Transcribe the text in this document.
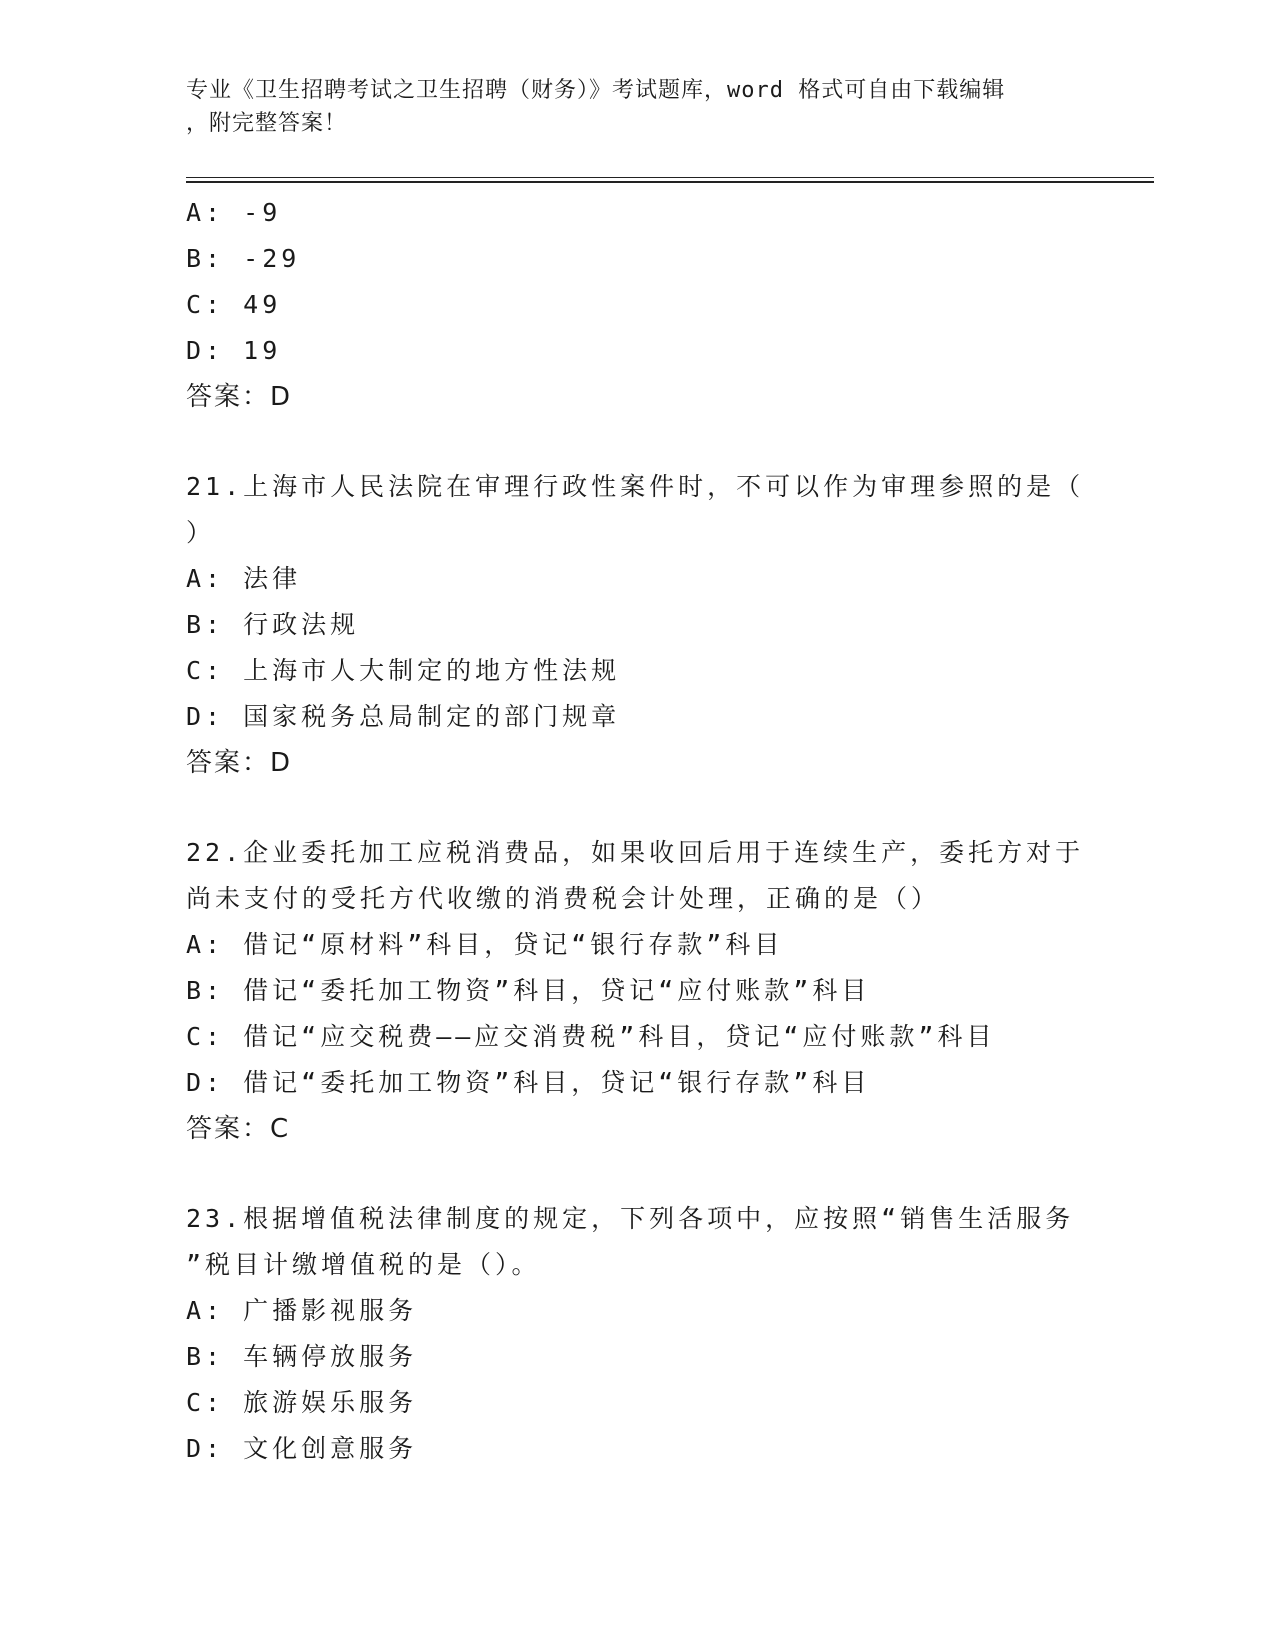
专业《卫生招聘考试之卫生招聘（财务）》考试题库，word 格式可自由下载编辑
，附完整答案！
A: -9
B: -29
C: 49
D: 19
答案：D
21.上海市人民法院在审理行政性案件时，不可以作为审理参照的是（
）
A: 法律
B: 行政法规
C: 上海市人大制定的地方性法规
D: 国家税务总局制定的部门规章
答案：D
22.企业委托加工应税消费品，如果收回后用于连续生产，委托方对于
尚未支付的受托方代收缴的消费税会计处理，正确的是（）
A: 借记“原材料”科目，贷记“银行存款”科目
B: 借记“委托加工物资”科目，贷记“应付账款”科目
C: 借记“应交税费——应交消费税”科目，贷记“应付账款”科目
D: 借记“委托加工物资”科目，贷记“银行存款”科目
答案：C
23.根据增值税法律制度的规定，下列各项中，应按照“销售生活服务
”税目计缴增值税的是（）。
A: 广播影视服务
B: 车辆停放服务
C: 旅游娱乐服务
D: 文化创意服务
